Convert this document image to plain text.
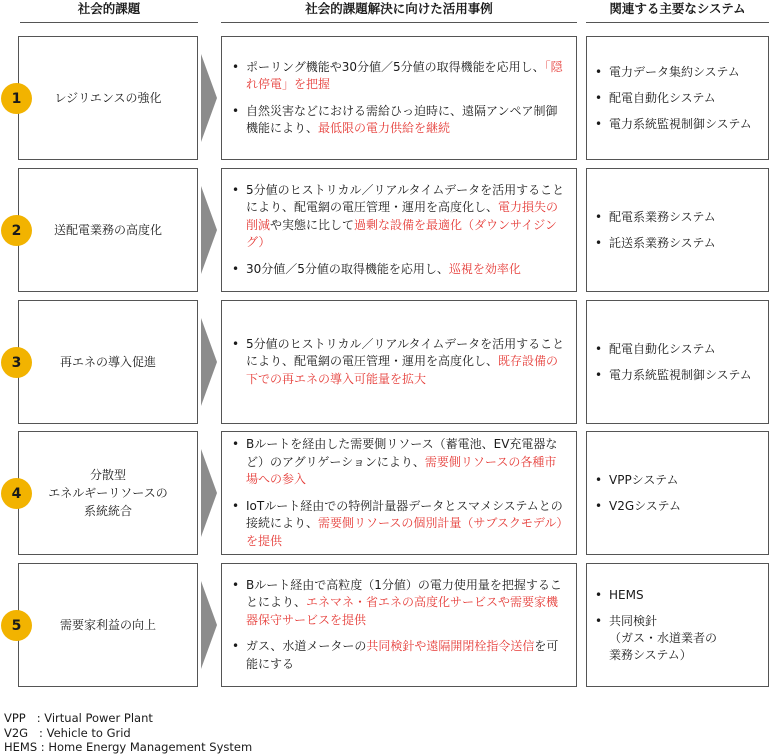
社会的課題	社会的課題解決に向けた活用事例	関連する主要なシステム
レジリエンスの強化
1
• ポーリング機能や30分値／5分値の取得機能を応用し、「隠れ停電」を把握
• 自然災害などにおける需給ひっ迫時に、遠隔アンペア制御機能により、最低限の電力供給を継続
• 電力データ集約システム
• 配電自動化システム
• 電力系統監視制御システム
送配電業務の高度化
2
• 5分値のヒストリカル／リアルタイムデータを活用することにより、配電網の電圧管理・運用を高度化し、電力損失の削減や実態に比して過剰な設備を最適化（ダウンサイジング）
• 30分値／5分値の取得機能を応用し、巡視を効率化
• 配電系業務システム
• 託送系業務システム
再エネの導入促進
3
• 5分値のヒストリカル／リアルタイムデータを活用することにより、配電網の電圧管理・運用を高度化し、既存設備の下での再エネの導入可能量を拡大
• 配電自動化システム
• 電力系統監視制御システム
分散型
エネルギーリソースの
系統統合
4
• Bルートを経由した需要側リソース（蓄電池、EV充電器など）のアグリゲーションにより、需要側リソースの各種市場への参入
• IoTルート経由での特例計量器データとスマメシステムとの接続により、需要側リソースの個別計量（サブスクモデル）を提供
• VPPシステム
• V2Gシステム
需要家利益の向上
5
• Bルート経由で高粒度（1分値）の電力使用量を把握することにより、エネマネ・省エネの高度化サービスや需要家機器保守サービスを提供
• ガス、水道メーターの共同検針や遠隔開閉栓指令送信を可能にする
• HEMS
• 共同検針
（ガス・水道業者の
業務システム）
VPP   : Virtual Power Plant
V2G   : Vehicle to Grid
HEMS : Home Energy Management System
